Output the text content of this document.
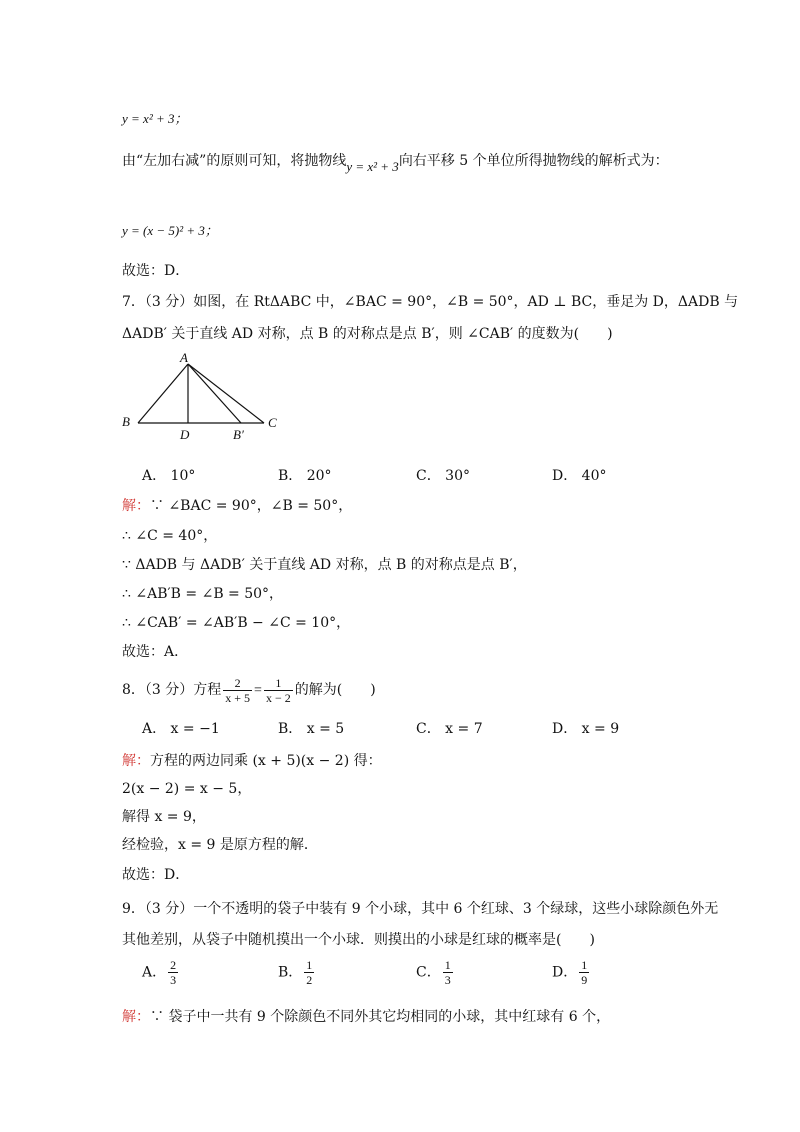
y = x² + 3；
由“左加右减”的原则可知，将抛物线y = x² + 3向右平移 5 个单位所得抛物线的解析式为：
y = (x − 5)² + 3；
故选：D．
7．（3 分）如图，在 RtΔABC 中，∠BAC = 90°，∠B = 50°，AD ⊥ BC，垂足为 D，ΔADB 与
ΔADB′ 关于直线 AD 对称，点 B 的对称点是点 B′，则 ∠CAB′ 的度数为(　　)
A
B
D	B′
C
A． 10°	B． 20°	C． 30°	D． 40°
解：∵ ∠BAC = 90°，∠B = 50°，
∴ ∠C = 40°，
∵ ΔADB 与 ΔADB′ 关于直线 AD 对称，点 B 的对称点是点 B′，
∴ ∠AB′B = ∠B = 50°，
∴ ∠CAB′ = ∠AB′B − ∠C = 10°，
故选：A．
8．（3 分）方程 $\frac{2}{x + 5} = \frac{1}{x - 2}$ 的解为(　　)
A． x = −1	B． x = 5	C． x = 7	D． x = 9
解：方程的两边同乘 (x + 5)(x − 2) 得：
2(x − 2) = x − 5，
解得 x = 9，
经检验，x = 9 是原方程的解．
故选：D．
9．（3 分）一个不透明的袋子中装有 9 个小球，其中 6 个红球、3 个绿球，这些小球除颜色外无
其他差别，从袋子中随机摸出一个小球．则摸出的小球是红球的概率是(　　)
A． $\frac{2}{3}$	B． $\frac{1}{2}$	C． $\frac{1}{3}$	D． $\frac{1}{9}$
解：∵ 袋子中一共有 9 个除颜色不同外其它均相同的小球，其中红球有 6 个，
